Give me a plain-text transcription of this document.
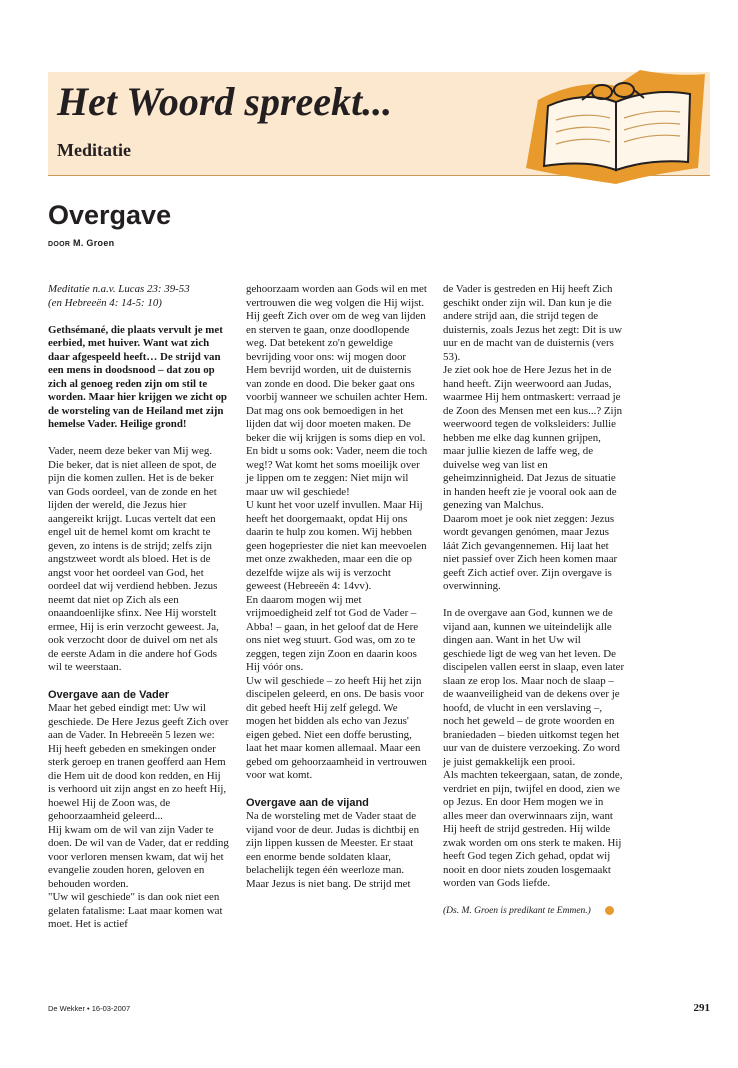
Het Woord spreekt...
Meditatie
Overgave
DOOR M. Groen

Meditatie n.a.v. Lucas 23: 39-53

(en Hebreeën 4: 14-5: 10)

Gethsémané, die plaats vervult je met eerbied, met huiver. Want wat zich daar afgespeeld heeft… De strijd van een mens in doodsnood – dat zou op zich al genoeg reden zijn om stil te worden. Maar hier krijgen we zicht op de worsteling van de Heiland met zijn hemelse Vader. Heilige grond!

Vader, neem deze beker van Mij weg. Die beker, dat is niet alleen de spot, de pijn die komen zullen. Het is de beker van Gods oordeel, van de zonde en het lijden der wereld, die Jezus hier aangereikt krijgt. Lucas vertelt dat een engel uit de hemel komt om kracht te geven, zo intens is de strijd; zelfs zijn angstzweet wordt als bloed. Het is de angst voor het oordeel van God, het oordeel dat wij verdiend hebben. Jezus neemt dat niet op Zich als een onaandoenlijke sfinx. Nee Hij worstelt ermee, Hij is erin verzocht geweest. Ja, ook verzocht door de duivel om net als de eerste Adam in die andere hof Gods wil te weerstaan.

Overgave aan de Vader

Maar het gebed eindigt met: Uw wil geschiede. De Here Jezus geeft Zich over aan de Vader. In Hebreeën 5 lezen we: Hij heeft gebeden en smekingen onder sterk geroep en tranen geofferd aan Hem die Hem uit de dood kon redden, en Hij is verhoord uit zijn angst en zo heeft Hij, hoewel Hij de Zoon was, de gehoorzaamheid geleerd...

Hij kwam om de wil van zijn Vader te doen. De wil van de Vader, dat er redding voor verloren mensen kwam, dat wij het evangelie zouden horen, geloven en behouden worden.

"Uw wil geschiede" is dan ook niet een gelaten fatalisme: Laat maar komen wat moet. Het is actief

gehoorzaam worden aan Gods wil en met vertrouwen die weg volgen die Hij wijst.

Hij geeft Zich over om de weg van lijden en sterven te gaan, onze doodlopende weg. Dat betekent zo'n geweldige bevrijding voor ons: wij mogen door Hem bevrijd worden, uit de duisternis van zonde en dood. Die beker gaat ons voorbij wanneer we schuilen achter Hem.

Dat mag ons ook bemoedigen in het lijden dat wij door moeten maken. De beker die wij krijgen is soms diep en vol. En bidt u soms ook: Vader, neem die toch weg!? Wat komt het soms moeilijk over je lippen om te zeggen: Niet mijn wil maar uw wil geschiede!

U kunt het voor uzelf invullen. Maar Hij heeft het doorgemaakt, opdat Hij ons daarin te hulp zou komen. Wij hebben geen hogepriester die niet kan meevoelen met onze zwakheden, maar een die op dezelfde wijze als wij is verzocht geweest (Hebreeën 4: 14vv).

En daarom mogen wij met vrijmoedigheid zelf tot God de Vader – Abba! – gaan, in het geloof dat de Here ons niet weg stuurt. God was, om zo te zeggen, tegen zijn Zoon en daarin koos Hij vóór ons.

Uw wil geschiede – zo heeft Hij het zijn discipelen geleerd, en ons. De basis voor dit gebed heeft Hij zelf gelegd. We mogen het bidden als echo van Jezus' eigen gebed. Niet een doffe berusting, laat het maar komen allemaal. Maar een gebed om gehoorzaamheid in vertrouwen voor wat komt.

Overgave aan de vijand

Na de worsteling met de Vader staat de vijand voor de deur. Judas is dichtbij en zijn lippen kussen de Meester. Er staat een enorme bende soldaten klaar, belachelijk tegen één weerloze man.

Maar Jezus is niet bang. De strijd met

de Vader is gestreden en Hij heeft Zich geschikt onder zijn wil. Dan kun je die andere strijd aan, die strijd tegen de duisternis, zoals Jezus het zegt: Dit is uw uur en de macht van de duisternis (vers 53).

Je ziet ook hoe de Here Jezus het in de hand heeft. Zijn weerwoord aan Judas, waarmee Hij hem ontmaskert: verraad je de Zoon des Mensen met een kus...? Zijn weerwoord tegen de volksleiders: Jullie hebben me elke dag kunnen grijpen, maar jullie kiezen de laffe weg, de duivelse weg van list en geheimzinnigheid. Dat Jezus de situatie in handen heeft zie je vooral ook aan de genezing van Malchus.

Daarom moet je ook niet zeggen: Jezus wordt gevangen genómen, maar Jezus láát Zich gevangennemen. Hij laat het niet passief over Zich heen komen maar geeft Zich actief over. Zijn overgave is overwinning.

In de overgave aan God, kunnen we de vijand aan, kunnen we uiteindelijk alle dingen aan. Want in het Uw wil geschiede ligt de weg van het leven. De discipelen vallen eerst in slaap, even later slaan ze erop los. Maar noch de slaap – de waanveiligheid van de dekens over je hoofd, de vlucht in een verslaving –, noch het geweld – de grote woorden en braniedaden – bieden uitkomst tegen het uur van de duistere verzoeking. Zo word je juist gemakkelijk een prooi.

Als machten tekeergaan, satan, de zonde, verdriet en pijn, twijfel en dood, zien we op Jezus. En door Hem mogen we in alles meer dan overwinnaars zijn, want Hij heeft de strijd gestreden. Hij wilde zwak worden om ons sterk te maken. Hij heeft God tegen Zich gehad, opdat wij nooit en door niets zouden losgemaakt worden van Gods liefde.

(Ds. M. Groen is predikant te Emmen.)

De Wekker • 16-03-2007	291
